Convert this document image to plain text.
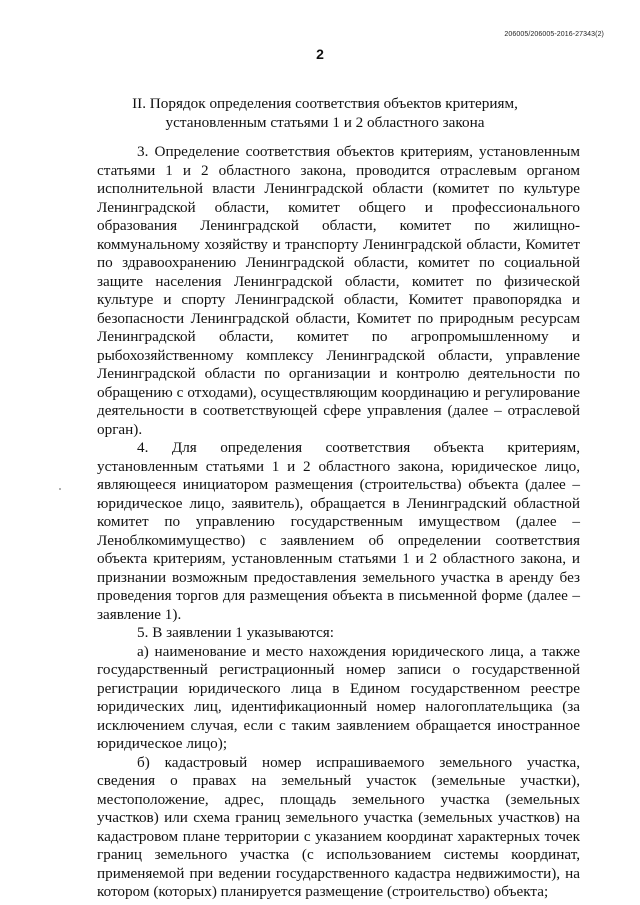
206005/206005-2016-27343(2)
2
II. Порядок определения соответствия объектов критериям,
установленным статьями 1 и 2 областного закона

3. Определение соответствия объектов критериям, установленным статьями 1 и 2 областного закона, проводится отраслевым органом исполнительной власти Ленинградской области (комитет по культуре Ленинградской области, комитет общего и профессионального образования Ленинградской области, комитет по жилищно-коммунальному хозяйству и транспорту Ленинградской области, Комитет по здравоохранению Ленинградской области, комитет по социальной защите населения Ленинградской области, комитет по физической культуре и спорту Ленинградской области, Комитет правопорядка и безопасности Ленинградской области, Комитет по природным ресурсам Ленинградской области, комитет по агропромышленному и рыбохозяйственному комплексу Ленинградской области, управление Ленинградской области по организации и контролю деятельности по обращению с отходами), осуществляющим координацию и регулирование деятельности в соответствующей сфере управления (далее – отраслевой орган).

4. Для определения соответствия объекта критериям, установленным статьями 1 и 2 областного закона, юридическое лицо, являющееся инициатором размещения (строительства) объекта (далее – юридическое лицо, заявитель), обращается в Ленинградский областной комитет по управлению государственным имуществом (далее – Леноблкомимущество) с заявлением об определении соответствия объекта критериям, установленным статьями 1 и 2 областного закона, и признании возможным предоставления земельного участка в аренду без проведения торгов для размещения объекта в письменной форме (далее – заявление 1).

5. В заявлении 1 указываются:

а) наименование и место нахождения юридического лица, а также государственный регистрационный номер записи о государственной регистрации юридического лица в Едином государственном реестре юридических лиц, идентификационный номер налогоплательщика (за исключением случая, если с таким заявлением обращается иностранное юридическое лицо);

б) кадастровый номер испрашиваемого земельного участка, сведения о правах на земельный участок (земельные участки), местоположение, адрес, площадь земельного участка (земельных участков) или схема границ земельного участка (земельных участков) на кадастровом плане территории с указанием координат характерных точек границ земельного участка (с использованием системы координат, применяемой при ведении государственного кадастра недвижимости), на котором (которых) планируется размещение (строительство) объекта;
